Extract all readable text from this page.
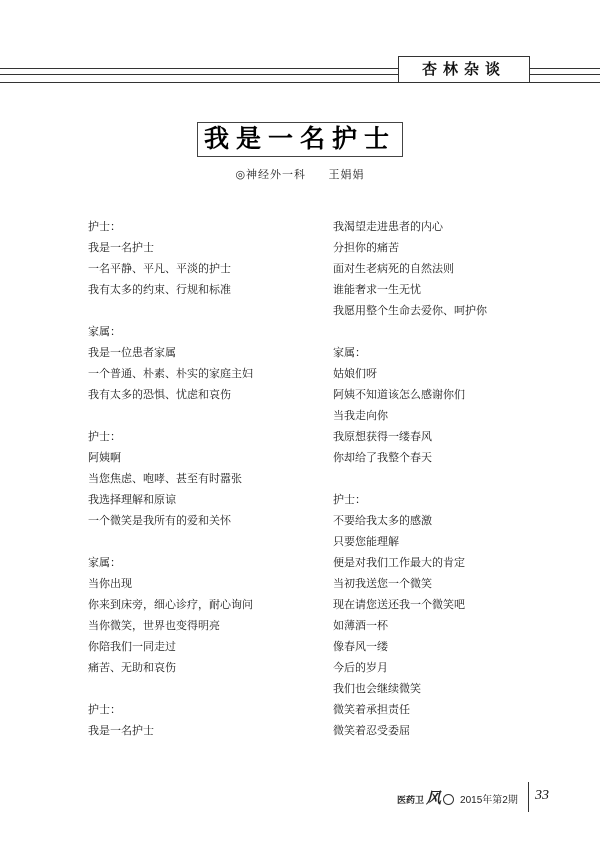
杏林杂谈
我是一名护士
◎神经外一科 王娟娟
护士：
我是一名护士
一名平静、平凡、平淡的护士
我有太多的约束、行规和标准
家属：
我是一位患者家属
一个普通、朴素、朴实的家庭主妇
我有太多的恐惧、忧虑和哀伤
护士：
阿姨啊
当您焦虑、咆哮、甚至有时嚣张
我选择理解和原谅
一个微笑是我所有的爱和关怀
家属：
当你出现
你来到床旁，细心诊疗，耐心询问
当你微笑，世界也变得明亮
你陪我们一同走过
痛苦、无助和哀伤
护士：
我是一名护士
我渴望走进患者的内心
分担你的痛苦
面对生老病死的自然法则
谁能奢求一生无忧
我愿用整个生命去爱你、呵护你
家属：
姑娘们呀
阿姨不知道该怎么感谢你们
当我走向你
我原想获得一缕春风
你却给了我整个春天
护士：
不要给我太多的感激
只要您能理解
便是对我们工作最大的肯定
当初我送您一个微笑
现在请您送还我一个微笑吧
如薄酒一杯
像春风一缕
今后的岁月
我们也会继续微笑
微笑着承担责任
微笑着忍受委屈
医药卫 风 2015年第2期 33
